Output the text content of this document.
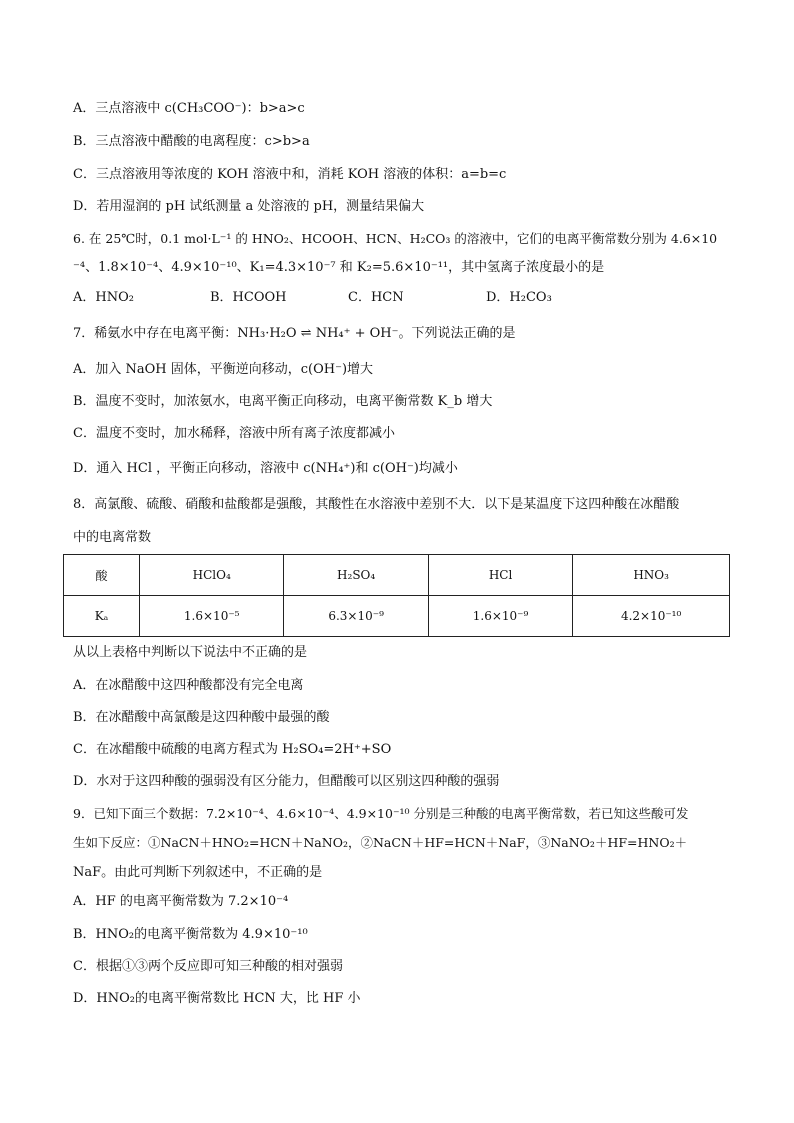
A．三点溶液中 c(CH₃COO⁻)：b>a>c
B．三点溶液中醋酸的电离程度：c>b>a
C．三点溶液用等浓度的 KOH 溶液中和，消耗 KOH 溶液的体积：a=b=c
D．若用湿润的 pH 试纸测量 a 处溶液的 pH，测量结果偏大
6. 在 25℃时，0.1 mol·L⁻¹ 的 HNO₂、HCOOH、HCN、H₂CO₃ 的溶液中，它们的电离平衡常数分别为 4.6×10
⁻⁴、1.8×10⁻⁴、4.9×10⁻¹⁰、K₁=4.3×10⁻⁷ 和 K₂=5.6×10⁻¹¹，其中氢离子浓度最小的是
A．HNO₂	B．HCOOH	C．HCN	D．H₂CO₃
7．稀氨水中存在电离平衡：NH₃·H₂O ⇌ NH₄⁺ + OH⁻。下列说法正确的是
A．加入 NaOH 固体，平衡逆向移动，c(OH⁻)增大
B．温度不变时，加浓氨水，电离平衡正向移动，电离平衡常数 K_b 增大
C．温度不变时，加水稀释，溶液中所有离子浓度都减小
D．通入 HCl ，平衡正向移动，溶液中 c(NH₄⁺)和 c(OH⁻)均减小
8．高氯酸、硫酸、硝酸和盐酸都是强酸，其酸性在水溶液中差别不大．以下是某温度下这四种酸在冰醋酸
中的电离常数
酸	HClO₄	H₂SO₄	HCl	HNO₃
Kₐ	1.6×10⁻⁵	6.3×10⁻⁹	1.6×10⁻⁹	4.2×10⁻¹⁰
从以上表格中判断以下说法中不正确的是
A．在冰醋酸中这四种酸都没有完全电离
B．在冰醋酸中高氯酸是这四种酸中最强的酸
C．在冰醋酸中硫酸的电离方程式为 H₂SO₄=2H⁺+SO
D．水对于这四种酸的强弱没有区分能力，但醋酸可以区别这四种酸的强弱
9．已知下面三个数据：7.2×10⁻⁴、4.6×10⁻⁴、4.9×10⁻¹⁰ 分别是三种酸的电离平衡常数，若已知这些酸可发
生如下反应：①NaCN＋HNO₂=HCN＋NaNO₂，②NaCN＋HF=HCN＋NaF，③NaNO₂＋HF=HNO₂＋
NaF。由此可判断下列叙述中，不正确的是
A．HF 的电离平衡常数为 7.2×10⁻⁴
B．HNO₂的电离平衡常数为 4.9×10⁻¹⁰
C．根据①③两个反应即可知三种酸的相对强弱
D．HNO₂的电离平衡常数比 HCN 大，比 HF 小
